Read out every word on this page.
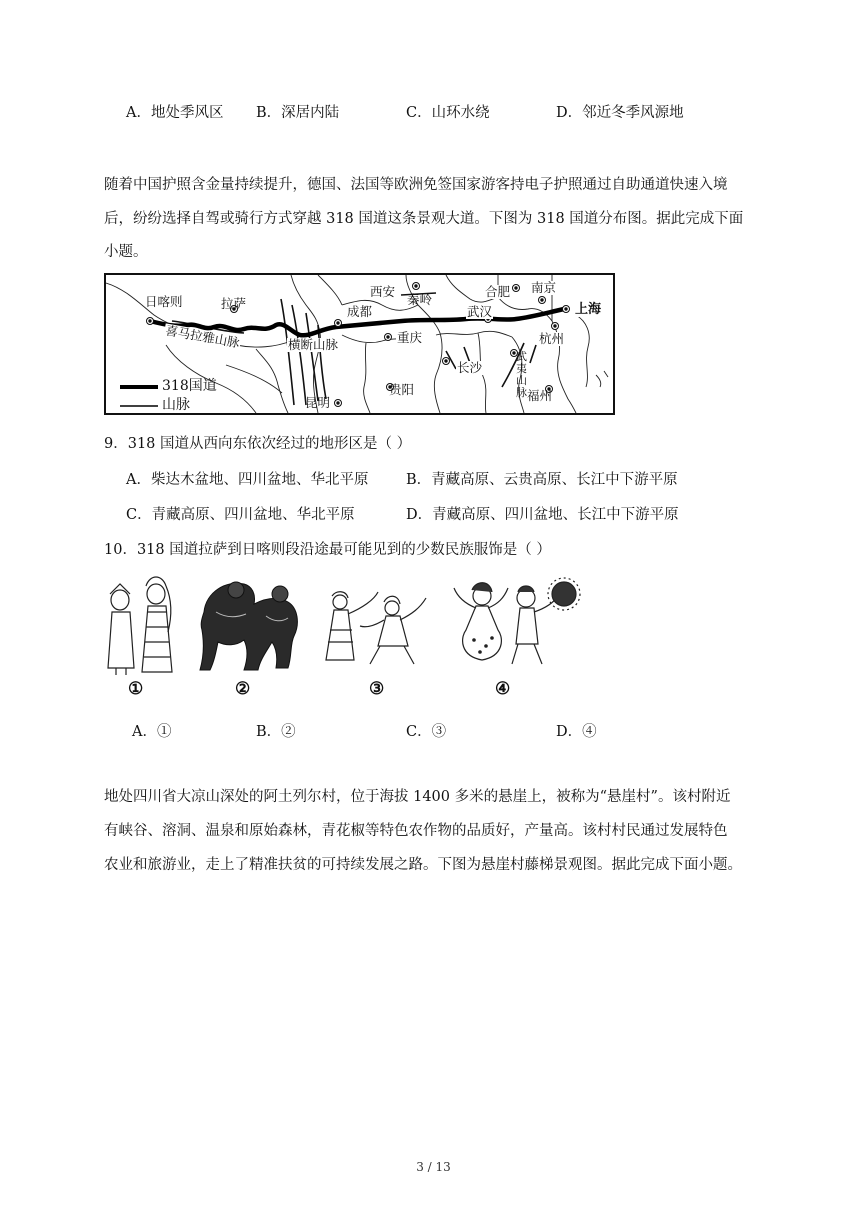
A．地处季风区 B．深居内陆	C．山环水绕	D．邻近冬季风源地
随着中国护照含金量持续提升，德国、法国等欧洲免签国家游客持电子护照通过自助通道快速入境
后，纷纷选择自驾或骑行方式穿越 318 国道这条景观大道。下图为 318 国道分布图。据此完成下面
小题。
日喀则	拉萨
喜马拉雅山脉	横断山脉
成都
西安
秦岭
合肥 南京
上海
武汉
重庆
长沙
杭州
武夷山脉 福州
贵阳
昆明
318国道
山脉
9．318 国道从西向东依次经过的地形区是（ ）
A．柴达木盆地、四川盆地、华北平原	B．青藏高原、云贵高原、长江中下游平原
C．青藏高原、四川盆地、华北平原	D．青藏高原、四川盆地、长江中下游平原
10．318 国道拉萨到日喀则段沿途最可能见到的少数民族服饰是（ ）
①	②	③	④
A．①	B．②	C．③	D．④
地处四川省大凉山深处的阿土列尔村，位于海拔 1400 多米的悬崖上，被称为“悬崖村”。该村附近
有峡谷、溶洞、温泉和原始森林，青花椒等特色农作物的品质好，产量高。该村村民通过发展特色
农业和旅游业，走上了精准扶贫的可持续发展之路。下图为悬崖村藤梯景观图。据此完成下面小题。
3 / 13
